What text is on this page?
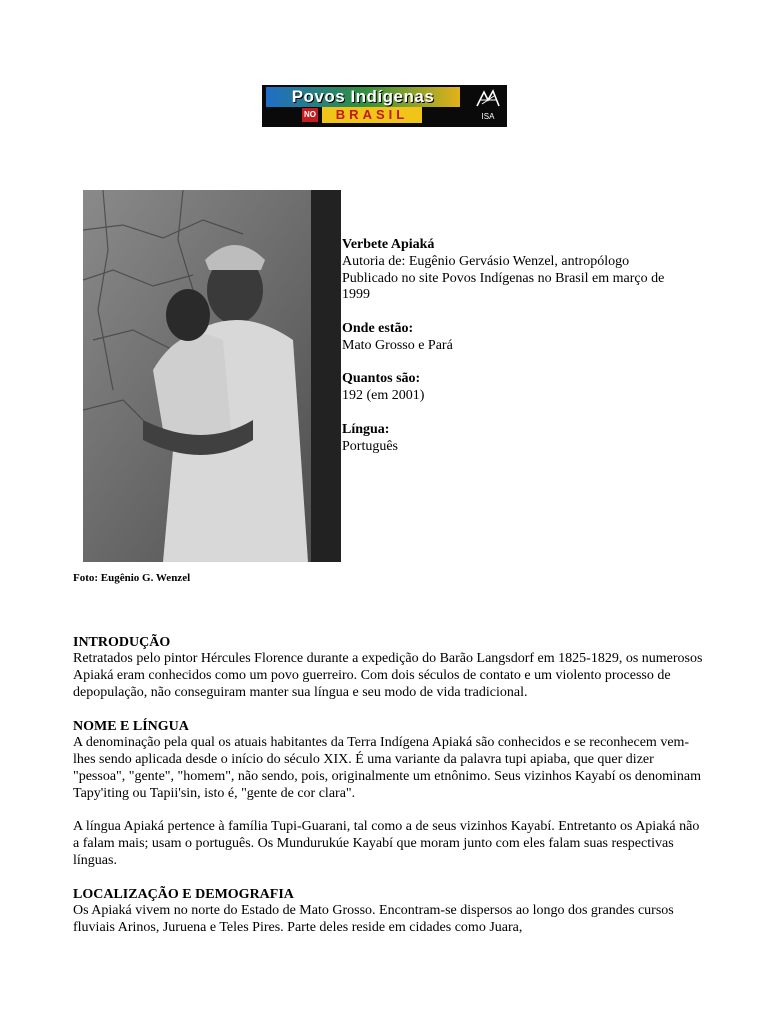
Povos Indígenas
NO	BRASIL	ISA

Verbete Apiaká
Autoria de: Eugênio Gervásio Wenzel, antropólogo
Publicado no site Povos Indígenas no Brasil em março de 1999

Onde estão:
Mato Grosso e Pará

Quantos são:
192 (em 2001)

Língua:
Português

Foto: Eugênio G. Wenzel
INTRODUÇÃO

Retratados pelo pintor Hércules Florence durante a expedição do Barão Langsdorf em 1825-1829, os numerosos Apiaká eram conhecidos como um povo guerreiro. Com dois séculos de contato e um violento processo de depopulação, não conseguiram manter sua língua e seu modo de vida tradicional.

NOME E LÍNGUA

A denominação pela qual os atuais habitantes da Terra Indígena Apiaká são conhecidos e se reconhecem vem-lhes sendo aplicada desde o início do século XIX. É uma variante da palavra tupi apiaba, que quer dizer "pessoa", "gente", "homem", não sendo, pois, originalmente um etnônimo. Seus vizinhos Kayabí os denominam Tapy'iting ou Tapii'sin, isto é, "gente de cor clara".

A língua Apiaká pertence à família Tupi-Guarani, tal como a de seus vizinhos Kayabí. Entretanto os Apiaká não a falam mais; usam o português. Os Mundurukúe Kayabí que moram junto com eles falam suas respectivas línguas.

LOCALIZAÇÃO E DEMOGRAFIA

Os Apiaká vivem no norte do Estado de Mato Grosso. Encontram-se dispersos ao longo dos grandes cursos fluviais Arinos, Juruena e Teles Pires. Parte deles reside em cidades como Juara,
